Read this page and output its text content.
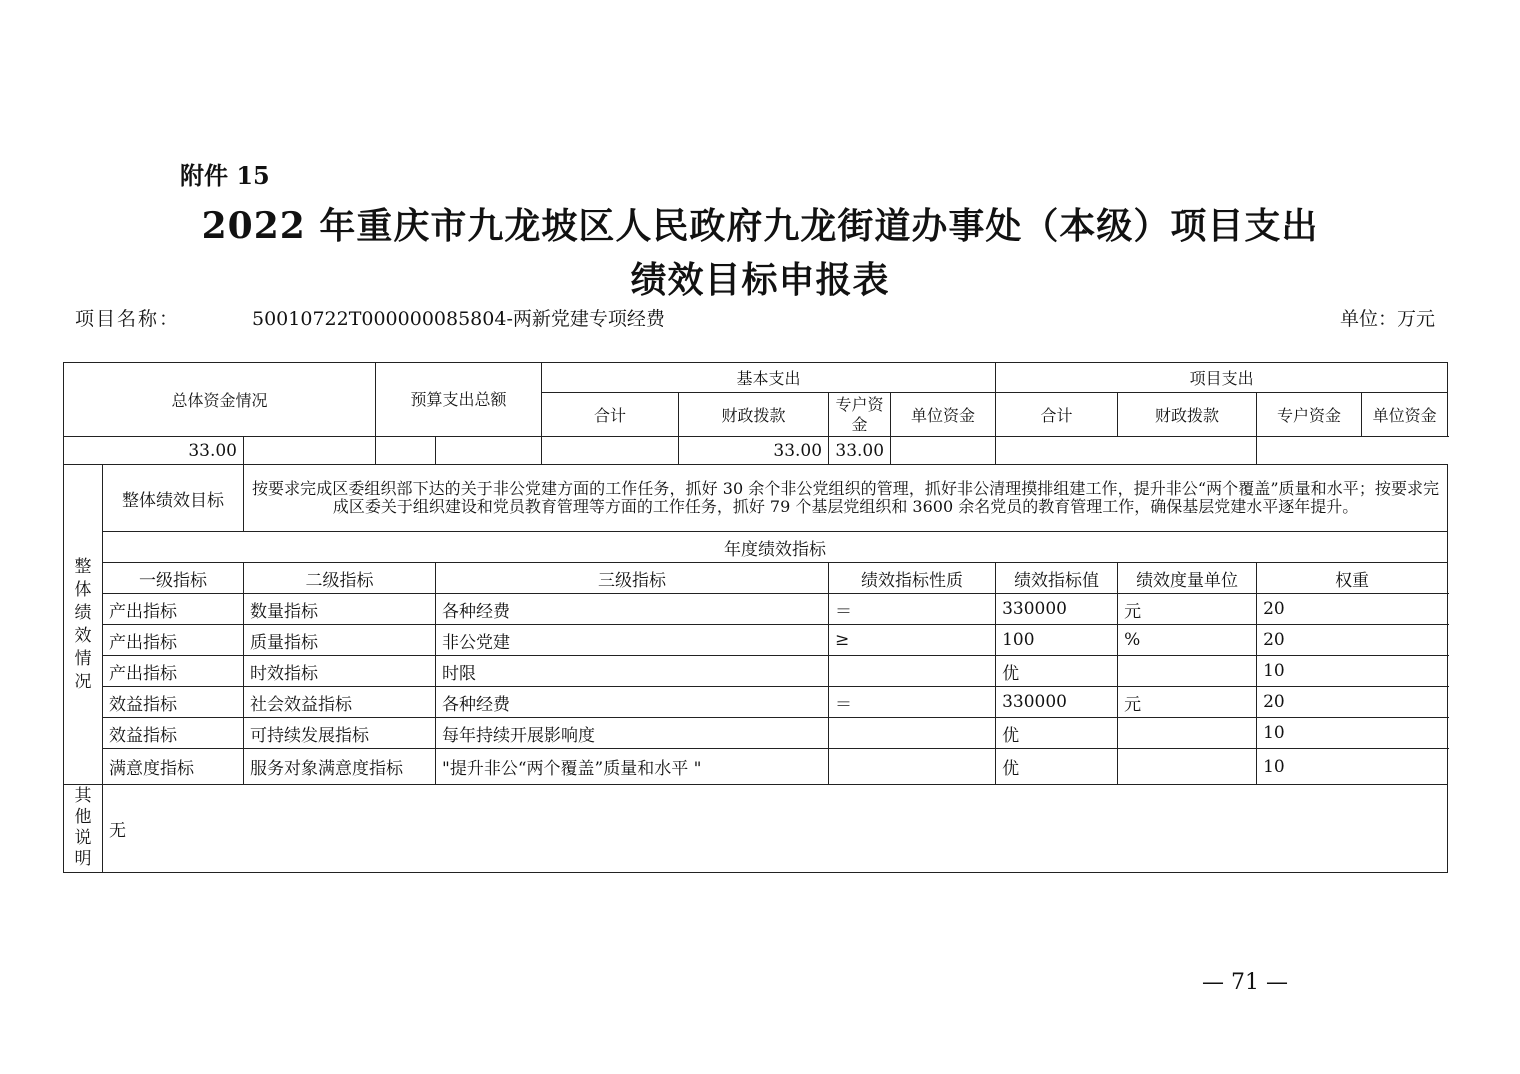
附件 15
2022 年重庆市九龙坡区人民政府九龙街道办事处（本级）项目支出
绩效目标申报表
项目名称：	50010722T000000085804-两新党建专项经费	单位：万元
总体资金情况			预算支出总额		基本支出				项目支出			
					合计	财政拨款	专户资金	单位资金	合计	财政拨款	专户资金	单位资金
33.00						33.00	33.00					
整体绩效情况	整体绩效目标	按要求完成区委组织部下达的关于非公党建方面的工作任务，抓好 30 余个非公党组织的管理，抓好非公清理摸排组建工作，提升非公“两个覆盖”质量和水平；按要求完成区委关于组织建设和党员教育管理等方面的工作任务，抓好 79 个基层党组织和 3600 余名党员的教育管理工作，确保基层党建水平逐年提升。										
	年度绩效指标											
	一级指标	二级指标		三级指标			绩效指标性质		绩效指标值	绩效度量单位	权重	
	产出指标	数量指标		各种经费			＝		330000	元	20	
	产出指标	质量指标		非公党建			≥		100	%	20	
	产出指标	时效指标		时限					优		10	
	效益指标	社会效益指标		各种经费			＝		330000	元	20	
	效益指标	可持续发展指标		每年持续开展影响度					优		10	
	满意度指标	服务对象满意度指标		"提升非公“两个覆盖”质量和水平 "					优		10	
其他说明	无											
— 71 —
